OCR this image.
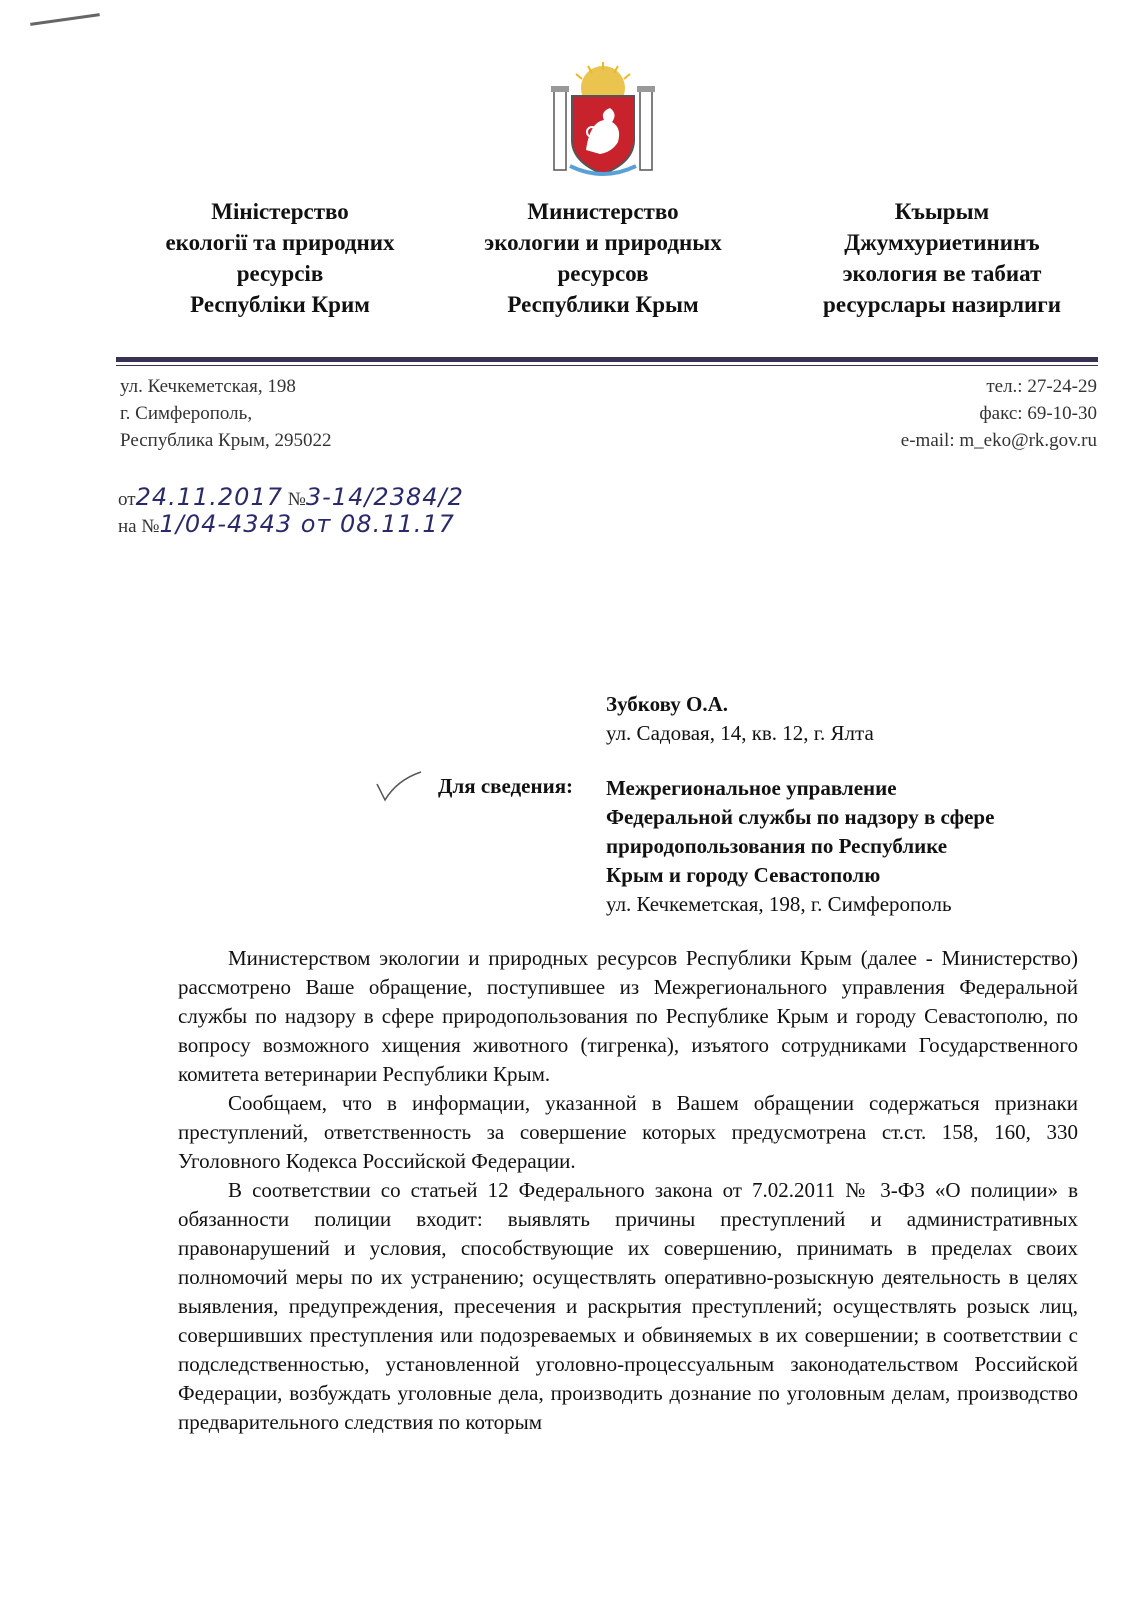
Міністерство
екології та природних
ресурсів
Республіки Крим
Министерство
экологии и природных
ресурсов
Республики Крым
Къырым
Джумхуриетининъ
экология ве табиат
ресурслары назирлиги
ул. Кечкеметская, 198
г. Симферополь,
Республика Крым, 295022
тел.: 27-24-29
факс: 69-10-30
e-mail: m_eko@rk.gov.ru
от24.11.2017 №3-14/2384/2
на №1/04-4343 от 08.11.17
Зубкову О.А.
ул. Садовая, 14, кв. 12, г. Ялта
Для сведения: Межрегиональное управление
Федеральной службы по надзору в сфере
природопользования по Республике
Крым и городу Севастополю
ул. Кечкеметская, 198, г. Симферополь

Министерством экологии и природных ресурсов Республики Крым (далее - Министерство) рассмотрено Ваше обращение, поступившее из Межрегионального управления Федеральной службы по надзору в сфере природопользования по Республике Крым и городу Севастополю, по вопросу возможного хищения животного (тигренка), изъятого сотрудниками Государственного комитета ветеринарии Республики Крым.

Сообщаем, что в информации, указанной в Вашем обращении содержаться признаки преступлений, ответственность за совершение которых предусмотрена ст.ст. 158, 160, 330 Уголовного Кодекса Российской Федерации.

В соответствии со статьей 12 Федерального закона от 7.02.2011 № 3-ФЗ «О полиции» в обязанности полиции входит: выявлять причины преступлений и административных правонарушений и условия, способствующие их совершению, принимать в пределах своих полномочий меры по их устранению; осуществлять оперативно-розыскную деятельность в целях выявления, предупреждения, пресечения и раскрытия преступлений; осуществлять розыск лиц, совершивших преступления или подозреваемых и обвиняемых в их совершении; в соответствии с подследственностью, установленной уголовно-процессуальным законодательством Российской Федерации, возбуждать уголовные дела, производить дознание по уголовным делам, производство предварительного следствия по которым
